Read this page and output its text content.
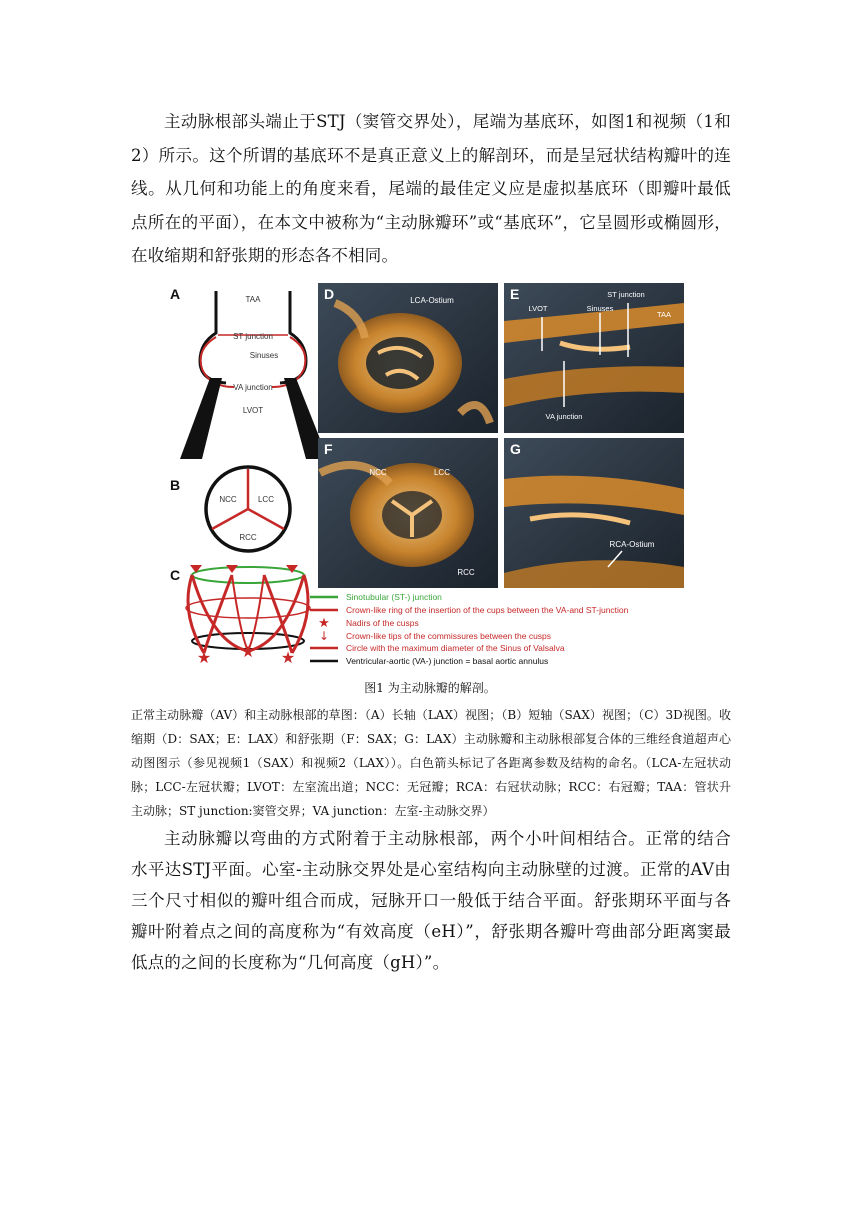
主动脉根部头端止于STJ（窦管交界处），尾端为基底环，如图1和视频（1和2）所示。这个所谓的基底环不是真正意义上的解剖环，而是呈冠状结构瓣叶的连线。从几何和功能上的角度来看，尾端的最佳定义应是虚拟基底环（即瓣叶最低点所在的平面），在本文中被称为“主动脉瓣环”或“基底环”，它呈圆形或椭圆形，在收缩期和舒张期的形态各不相同。
A	TAA
ST junction
Sinuses
VA junction
LVOT
B
NCC	LCC
RCC
C
★ ★ ★
D	LCA-Ostium	E	ST junction
LVOT	Sinuses
TAA
VA junction
F
NCC	LCC
RCC
G
RCA-Ostium
★
↓
Sinotubular (ST-) junction
Crown-like ring of the insertion of the cups between the VA-and ST-junction
Nadirs of the cusps
Crown-like tips of the commissures between the cusps
Circle with the maximum diameter of the Sinus of Valsalva
Ventricular-aortic (VA-) junction = basal aortic annulus
图1 为主动脉瓣的解剖。
正常主动脉瓣（AV）和主动脉根部的草图：（A）长轴（LAX）视图；（B）短轴（SAX）视图；（C）3D视图。收缩期（D：SAX；E：LAX）和舒张期（F：SAX；G：LAX）主动脉瓣和主动脉根部复合体的三维经食道超声心动图图示（参见视频1（SAX）和视频2（LAX））。白色箭头标记了各距离参数及结构的命名。（LCA-左冠状动脉；LCC-左冠状瓣；LVOT：左室流出道；NCC：无冠瓣；RCA：右冠状动脉；RCC：右冠瓣；TAA：管状升主动脉；ST junction:窦管交界；VA junction：左室-主动脉交界）
主动脉瓣以弯曲的方式附着于主动脉根部，两个小叶间相结合。正常的结合水平达STJ平面。心室-主动脉交界处是心室结构向主动脉壁的过渡。正常的AV由三个尺寸相似的瓣叶组合而成，冠脉开口一般低于结合平面。舒张期环平面与各瓣叶附着点之间的高度称为“有效高度（eH）”，舒张期各瓣叶弯曲部分距离窦最低点的之间的长度称为“几何高度（gH）”。
